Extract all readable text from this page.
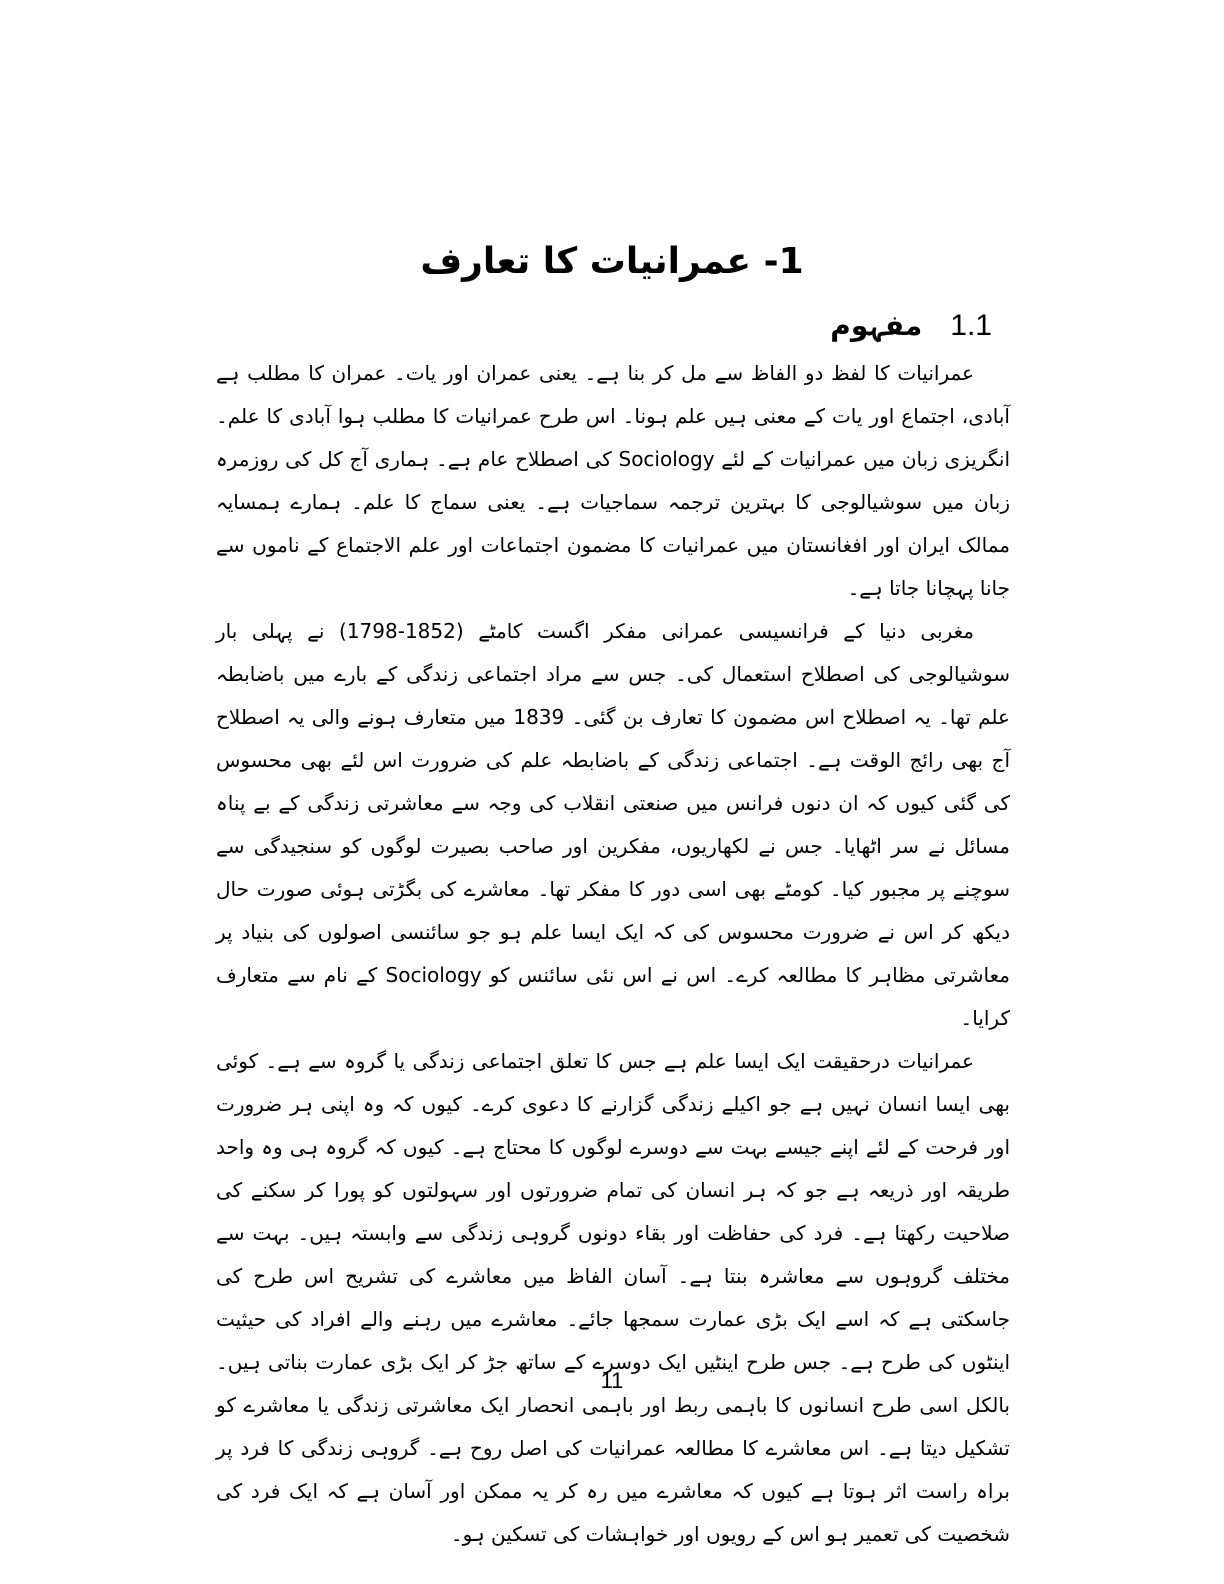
1- عمرانیات کا تعارف
1.1
مفہوم

عمرانیات کا لفظ دو الفاظ سے مل کر بنا ہے۔ یعنی عمران اور یات۔ عمران کا مطلب ہے آبادی، اجتماع اور یات کے معنی ہیں علم ہونا۔ اس طرح عمرانیات کا مطلب ہوا آبادی کا علم۔ انگریزی زبان میں عمرانیات کے لئے Sociology کی اصطلاح عام ہے۔ ہماری آج کل کی روزمرہ زبان میں سوشیالوجی کا بہترین ترجمہ سماجیات ہے۔ یعنی سماج کا علم۔ ہمارے ہمسایہ ممالک ایران اور افغانستان میں عمرانیات کا مضمون اجتماعات اور علم الاجتماع کے ناموں سے جانا پہچانا جاتا ہے۔

مغربی دنیا کے فرانسیسی عمرانی مفکر اگست کامٹے (1852-1798) نے پہلی بار سوشیالوجی کی اصطلاح استعمال کی۔ جس سے مراد اجتماعی زندگی کے بارے میں باضابطہ علم تھا۔ یہ اصطلاح اس مضمون کا تعارف بن گئی۔ 1839 میں متعارف ہونے والی یہ اصطلاح آج بھی رائج الوقت ہے۔ اجتماعی زندگی کے باضابطہ علم کی ضرورت اس لئے بھی محسوس کی گئی کیوں کہ ان دنوں فرانس میں صنعتی انقلاب کی وجہ سے معاشرتی زندگی کے بے پناہ مسائل نے سر اٹھایا۔ جس نے لکھاریوں، مفکرین اور صاحب بصیرت لوگوں کو سنجیدگی سے سوچنے پر مجبور کیا۔ کومٹے بھی اسی دور کا مفکر تھا۔ معاشرے کی بگڑتی ہوئی صورت حال دیکھ کر اس نے ضرورت محسوس کی کہ ایک ایسا علم ہو جو سائنسی اصولوں کی بنیاد پر معاشرتی مظاہر کا مطالعہ کرے۔ اس نے اس نئی سائنس کو Sociology کے نام سے متعارف کرایا۔

عمرانیات درحقیقت ایک ایسا علم ہے جس کا تعلق اجتماعی زندگی یا گروہ سے ہے۔ کوئی بھی ایسا انسان نہیں ہے جو اکیلے زندگی گزارنے کا دعوی کرے۔ کیوں کہ وہ اپنی ہر ضرورت اور فرحت کے لئے اپنے جیسے بہت سے دوسرے لوگوں کا محتاج ہے۔ کیوں کہ گروہ ہی وہ واحد طریقہ اور ذریعہ ہے جو کہ ہر انسان کی تمام ضرورتوں اور سہولتوں کو پورا کر سکنے کی صلاحیت رکھتا ہے۔ فرد کی حفاظت اور بقاء دونوں گروہی زندگی سے وابستہ ہیں۔ بہت سے مختلف گروہوں سے معاشرہ بنتا ہے۔ آسان الفاظ میں معاشرے کی تشریح اس طرح کی جاسکتی ہے کہ اسے ایک بڑی عمارت سمجھا جائے۔ معاشرے میں رہنے والے افراد کی حیثیت اینٹوں کی طرح ہے۔ جس طرح اینٹیں ایک دوسرے کے ساتھ جڑ کر ایک بڑی عمارت بناتی ہیں۔ بالکل اسی طرح انسانوں کا باہمی ربط اور باہمی انحصار ایک معاشرتی زندگی یا معاشرے کو تشکیل دیتا ہے۔ اس معاشرے کا مطالعہ عمرانیات کی اصل روح ہے۔ گروہی زندگی کا فرد پر براہ راست اثر ہوتا ہے کیوں کہ معاشرے میں رہ کر یہ ممکن اور آسان ہے کہ ایک فرد کی شخصیت کی تعمیر ہو اس کے رویوں اور خواہشات کی تسکین ہو۔

11
